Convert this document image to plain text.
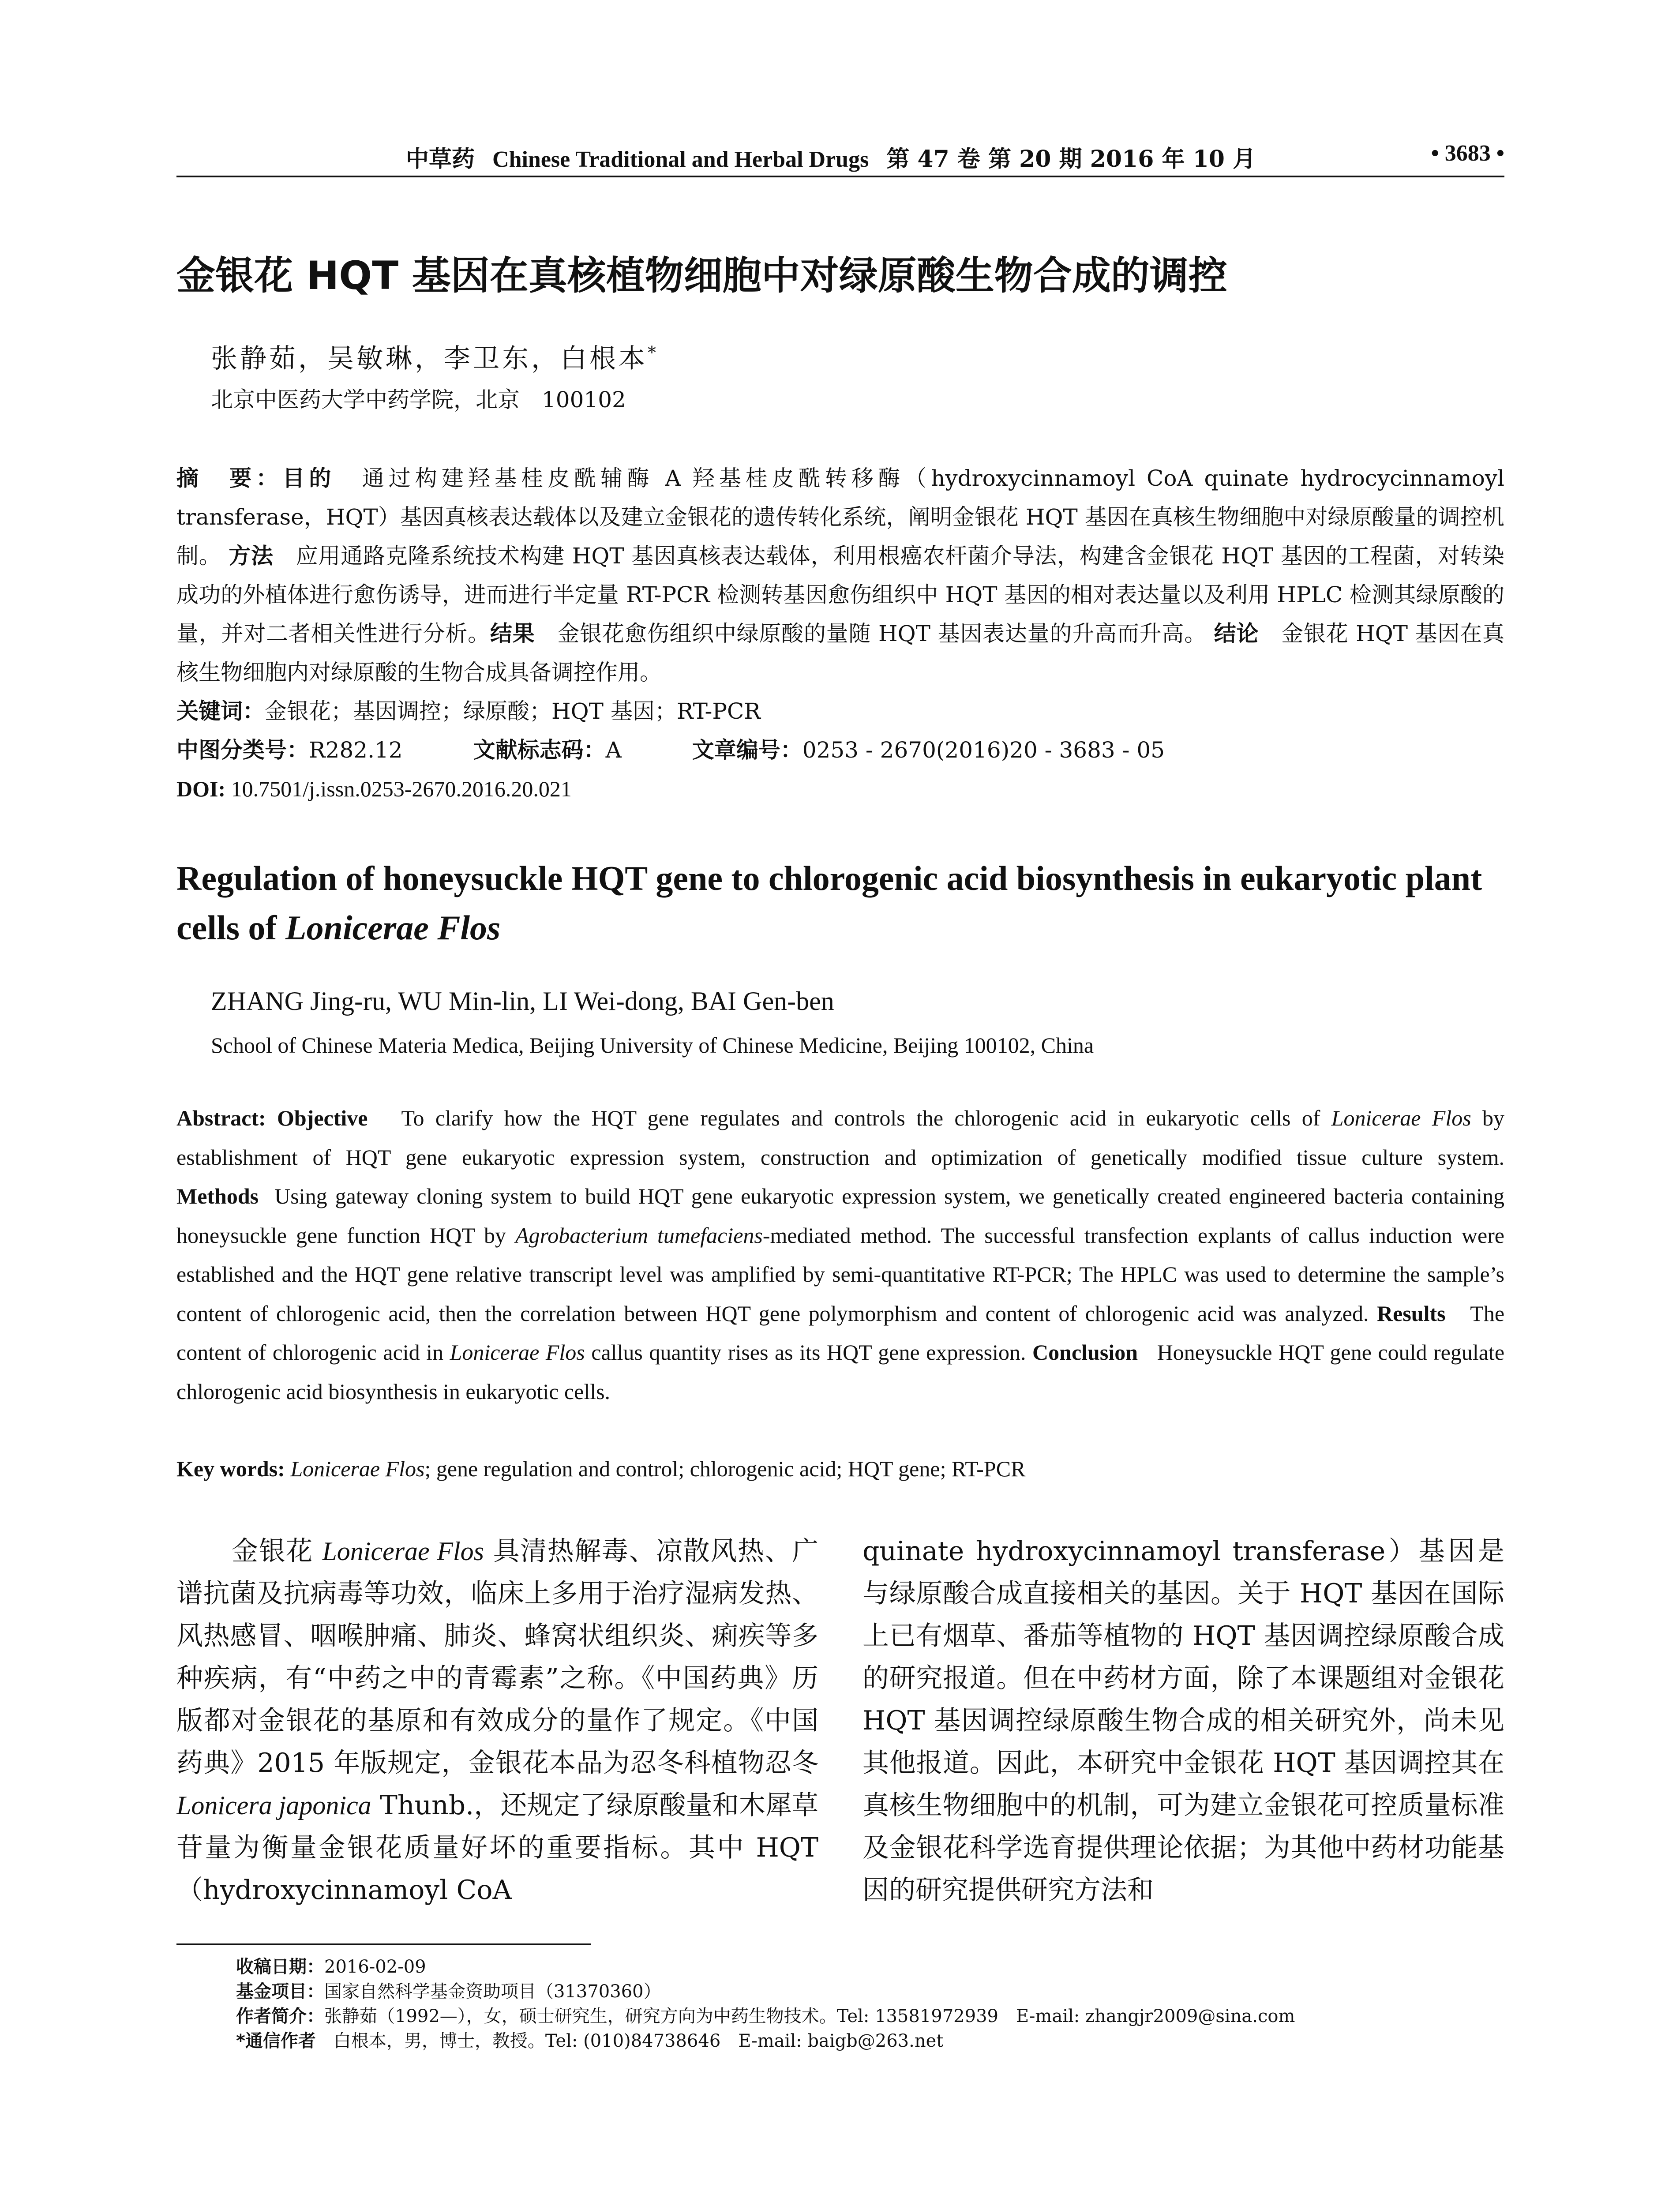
中草药 Chinese Traditional and Herbal Drugs 第 47 卷 第 20 期 2016 年 10 月	• 3683 •
金银花 HQT 基因在真核植物细胞中对绿原酸生物合成的调控
张静茹，吴敏琳，李卫东，白根本*
北京中医药大学中药学院，北京　100102
摘　要：目的　 通过构建羟基桂皮酰辅酶 A 羟基桂皮酰转移酶（hydroxycinnamoyl CoA quinate hydrocycinnamoyl transferase，HQT）基因真核表达载体以及建立金银花的遗传转化系统，阐明金银花 HQT 基因在真核生物细胞中对绿原酸量的调控机制。 方法　 应用通路克隆系统技术构建 HQT 基因真核表达载体，利用根癌农杆菌介导法，构建含金银花 HQT 基因的工程菌，对转染成功的外植体进行愈伤诱导，进而进行半定量 RT-PCR 检测转基因愈伤组织中 HQT 基因的相对表达量以及利用 HPLC 检测其绿原酸的量，并对二者相关性进行分析。结果　 金银花愈伤组织中绿原酸的量随 HQT 基因表达量的升高而升高。 结论　 金银花 HQT 基因在真核生物细胞内对绿原酸的生物合成具备调控作用。
关键词：金银花；基因调控；绿原酸；HQT 基因；RT-PCR
中图分类号：R282.12	文献标志码：A	文章编号：0253 - 2670(2016)20 - 3683 - 05
DOI: 10.7501/j.issn.0253-2670.2016.20.021
Regulation of honeysuckle HQT gene to chlorogenic acid biosynthesis in eukaryotic plant cells of Lonicerae Flos
ZHANG Jing-ru, WU Min-lin, LI Wei-dong, BAI Gen-ben
School of Chinese Materia Medica, Beijing University of Chinese Medicine, Beijing 100102, China
Abstract: Objective To clarify how the HQT gene regulates and controls the chlorogenic acid in eukaryotic cells of Lonicerae Flos by establishment of HQT gene eukaryotic expression system, construction and optimization of genetically modified tissue culture system. Methods Using gateway cloning system to build HQT gene eukaryotic expression system, we genetically created engineered bacteria containing honeysuckle gene function HQT by Agrobacterium tumefaciens-mediated method. The successful transfection explants of callus induction were established and the HQT gene relative transcript level was amplified by semi-quantitative RT-PCR; The HPLC was used to determine the sample’s content of chlorogenic acid, then the correlation between HQT gene polymorphism and content of chlorogenic acid was analyzed. Results The content of chlorogenic acid in Lonicerae Flos callus quantity rises as its HQT gene expression. Conclusion Honeysuckle HQT gene could regulate chlorogenic acid biosynthesis in eukaryotic cells.
Key words: Lonicerae Flos; gene regulation and control; chlorogenic acid; HQT gene; RT-PCR
金银花 Lonicerae Flos 具清热解毒、凉散风热、广谱抗菌及抗病毒等功效，临床上多用于治疗湿病发热、风热感冒、咽喉肿痛、肺炎、蜂窝状组织炎、痢疾等多种疾病，有“中药之中的青霉素”之称。《中国药典》历版都对金银花的基原和有效成分的量作了规定。《中国药典》2015 年版规定，金银花本品为忍冬科植物忍冬 Lonicera japonica Thunb.，还规定了绿原酸量和木犀草苷量为衡量金银花质量好坏的重要指标。其中 HQT（hydroxycinnamoyl CoA
quinate hydroxycinnamoyl transferase）基因是与绿原酸合成直接相关的基因。关于 HQT 基因在国际上已有烟草、番茄等植物的 HQT 基因调控绿原酸合成的研究报道。但在中药材方面，除了本课题组对金银花 HQT 基因调控绿原酸生物合成的相关研究外，尚未见其他报道。因此，本研究中金银花 HQT 基因调控其在真核生物细胞中的机制，可为建立金银花可控质量标准及金银花科学选育提供理论依据；为其他中药材功能基因的研究提供研究方法和
收稿日期：2016-02-09
基金项目：国家自然科学基金资助项目（31370360）
作者简介：张静茹（1992—），女，硕士研究生，研究方向为中药生物技术。Tel: 13581972939　E-mail: zhangjr2009@sina.com
*通信作者　 白根本，男，博士，教授。Tel: (010)84738646　E-mail: baigb@263.net
